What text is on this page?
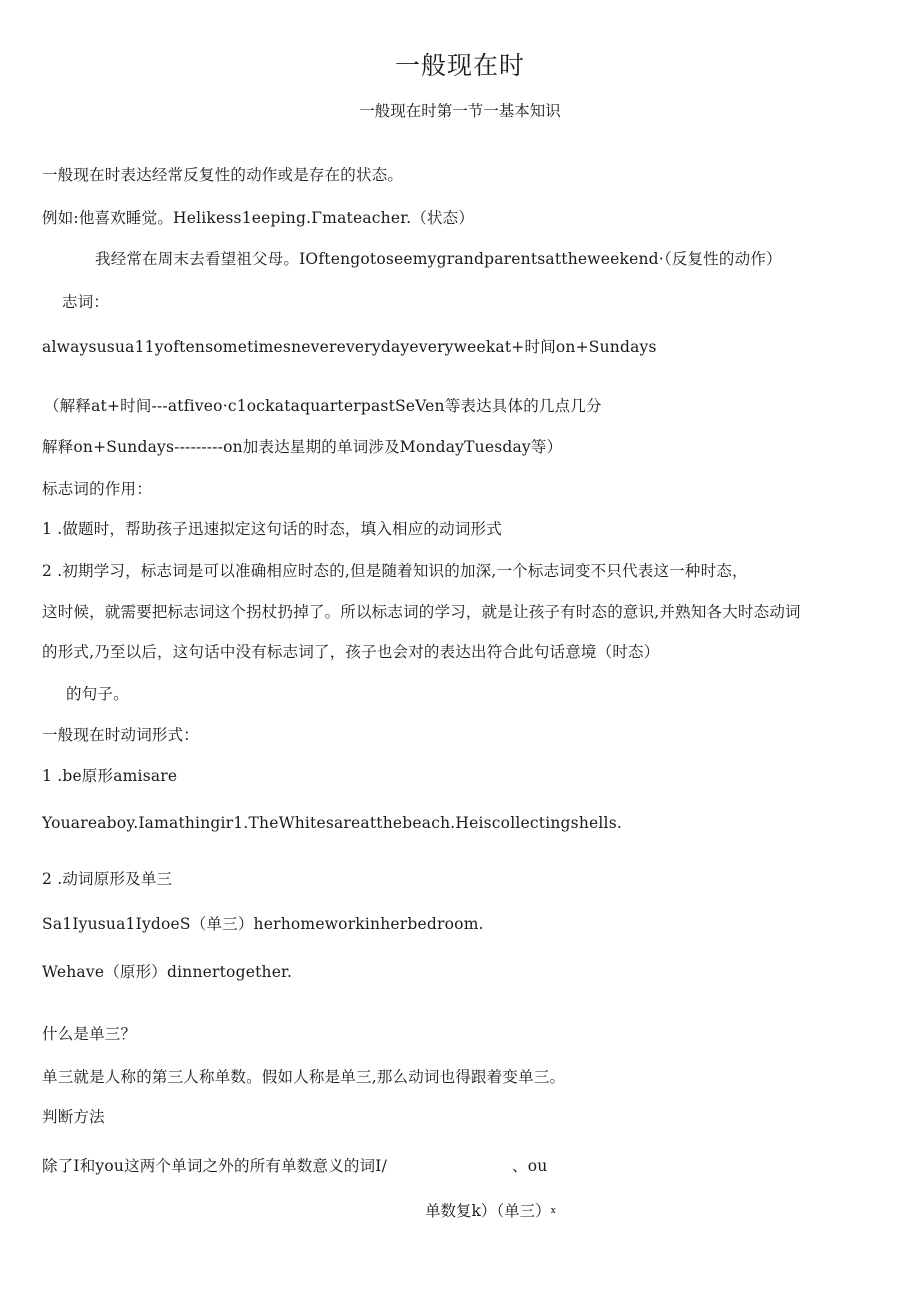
一般现在时
一般现在时第一节一基本知识
一般现在时表达经常反复性的动作或是存在的状态。
例如:他喜欢睡觉。Helikess1eeping.Γmateacher.（状态）
我经常在周末去看望祖父母。IOftengotoseemygrandparentsattheweekend·（反复性的动作）
志词：
alwaysusua11yoftensometimesnevereverydayeveryweekat+时间on+Sundays
（解释at+时间---atfiveo·c1ockataquarterpastSeVen等表达具体的几点几分
解释on+Sundays---------on加表达星期的单词涉及MondayTuesday等）
标志词的作用：
1 .做题时，帮助孩子迅速拟定这句话的时态，填入相应的动词形式
2 .初期学习，标志词是可以准确相应时态的,但是随着知识的加深,一个标志词变不只代表这一种时态，
这时候，就需要把标志词这个拐杖扔掉了。所以标志词的学习，就是让孩子有时态的意识,并熟知各大时态动词
的形式,乃至以后，这句话中没有标志词了，孩子也会对的表达出符合此句话意境（时态）
的句子。
一般现在时动词形式：
1 .be原形amisare
Youareaboy.Iamathingir1.TheWhitesareatthebeach.Heiscollectingshells.
2 .动词原形及单三
Sa1Iyusua1IydoeS（单三）herhomeworkinherbedroom.
Wehave（原形）dinnertogether.
什么是单三？
单三就是人称的第三人称单数。假如人称是单三,那么动词也得跟着变单三。
判断方法
除了I和you这两个单词之外的所有单数意义的词I/	、ou
单数复k）（单三）$^x$
